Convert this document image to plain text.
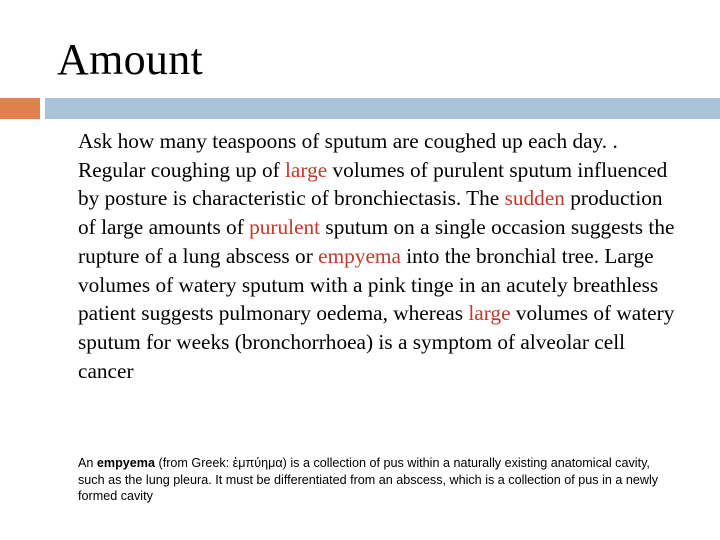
Amount

Ask how many teaspoons of sputum are coughed up each day. . Regular coughing up of large volumes of purulent sputum influenced by posture is characteristic of bronchiectasis. The sudden production of large amounts of purulent sputum on a single occasion suggests the rupture of a lung abscess or empyema into the bronchial tree. Large volumes of watery sputum with a pink tinge in an acutely breathless patient suggests pulmonary oedema, whereas large volumes of watery sputum for weeks (bronchorrhoea) is a symptom of alveolar cell cancer

An empyema (from Greek: ἐμπύημα) is a collection of pus within a naturally existing anatomical cavity, such as the lung pleura. It must be differentiated from an abscess, which is a collection of pus in a newly formed cavity
